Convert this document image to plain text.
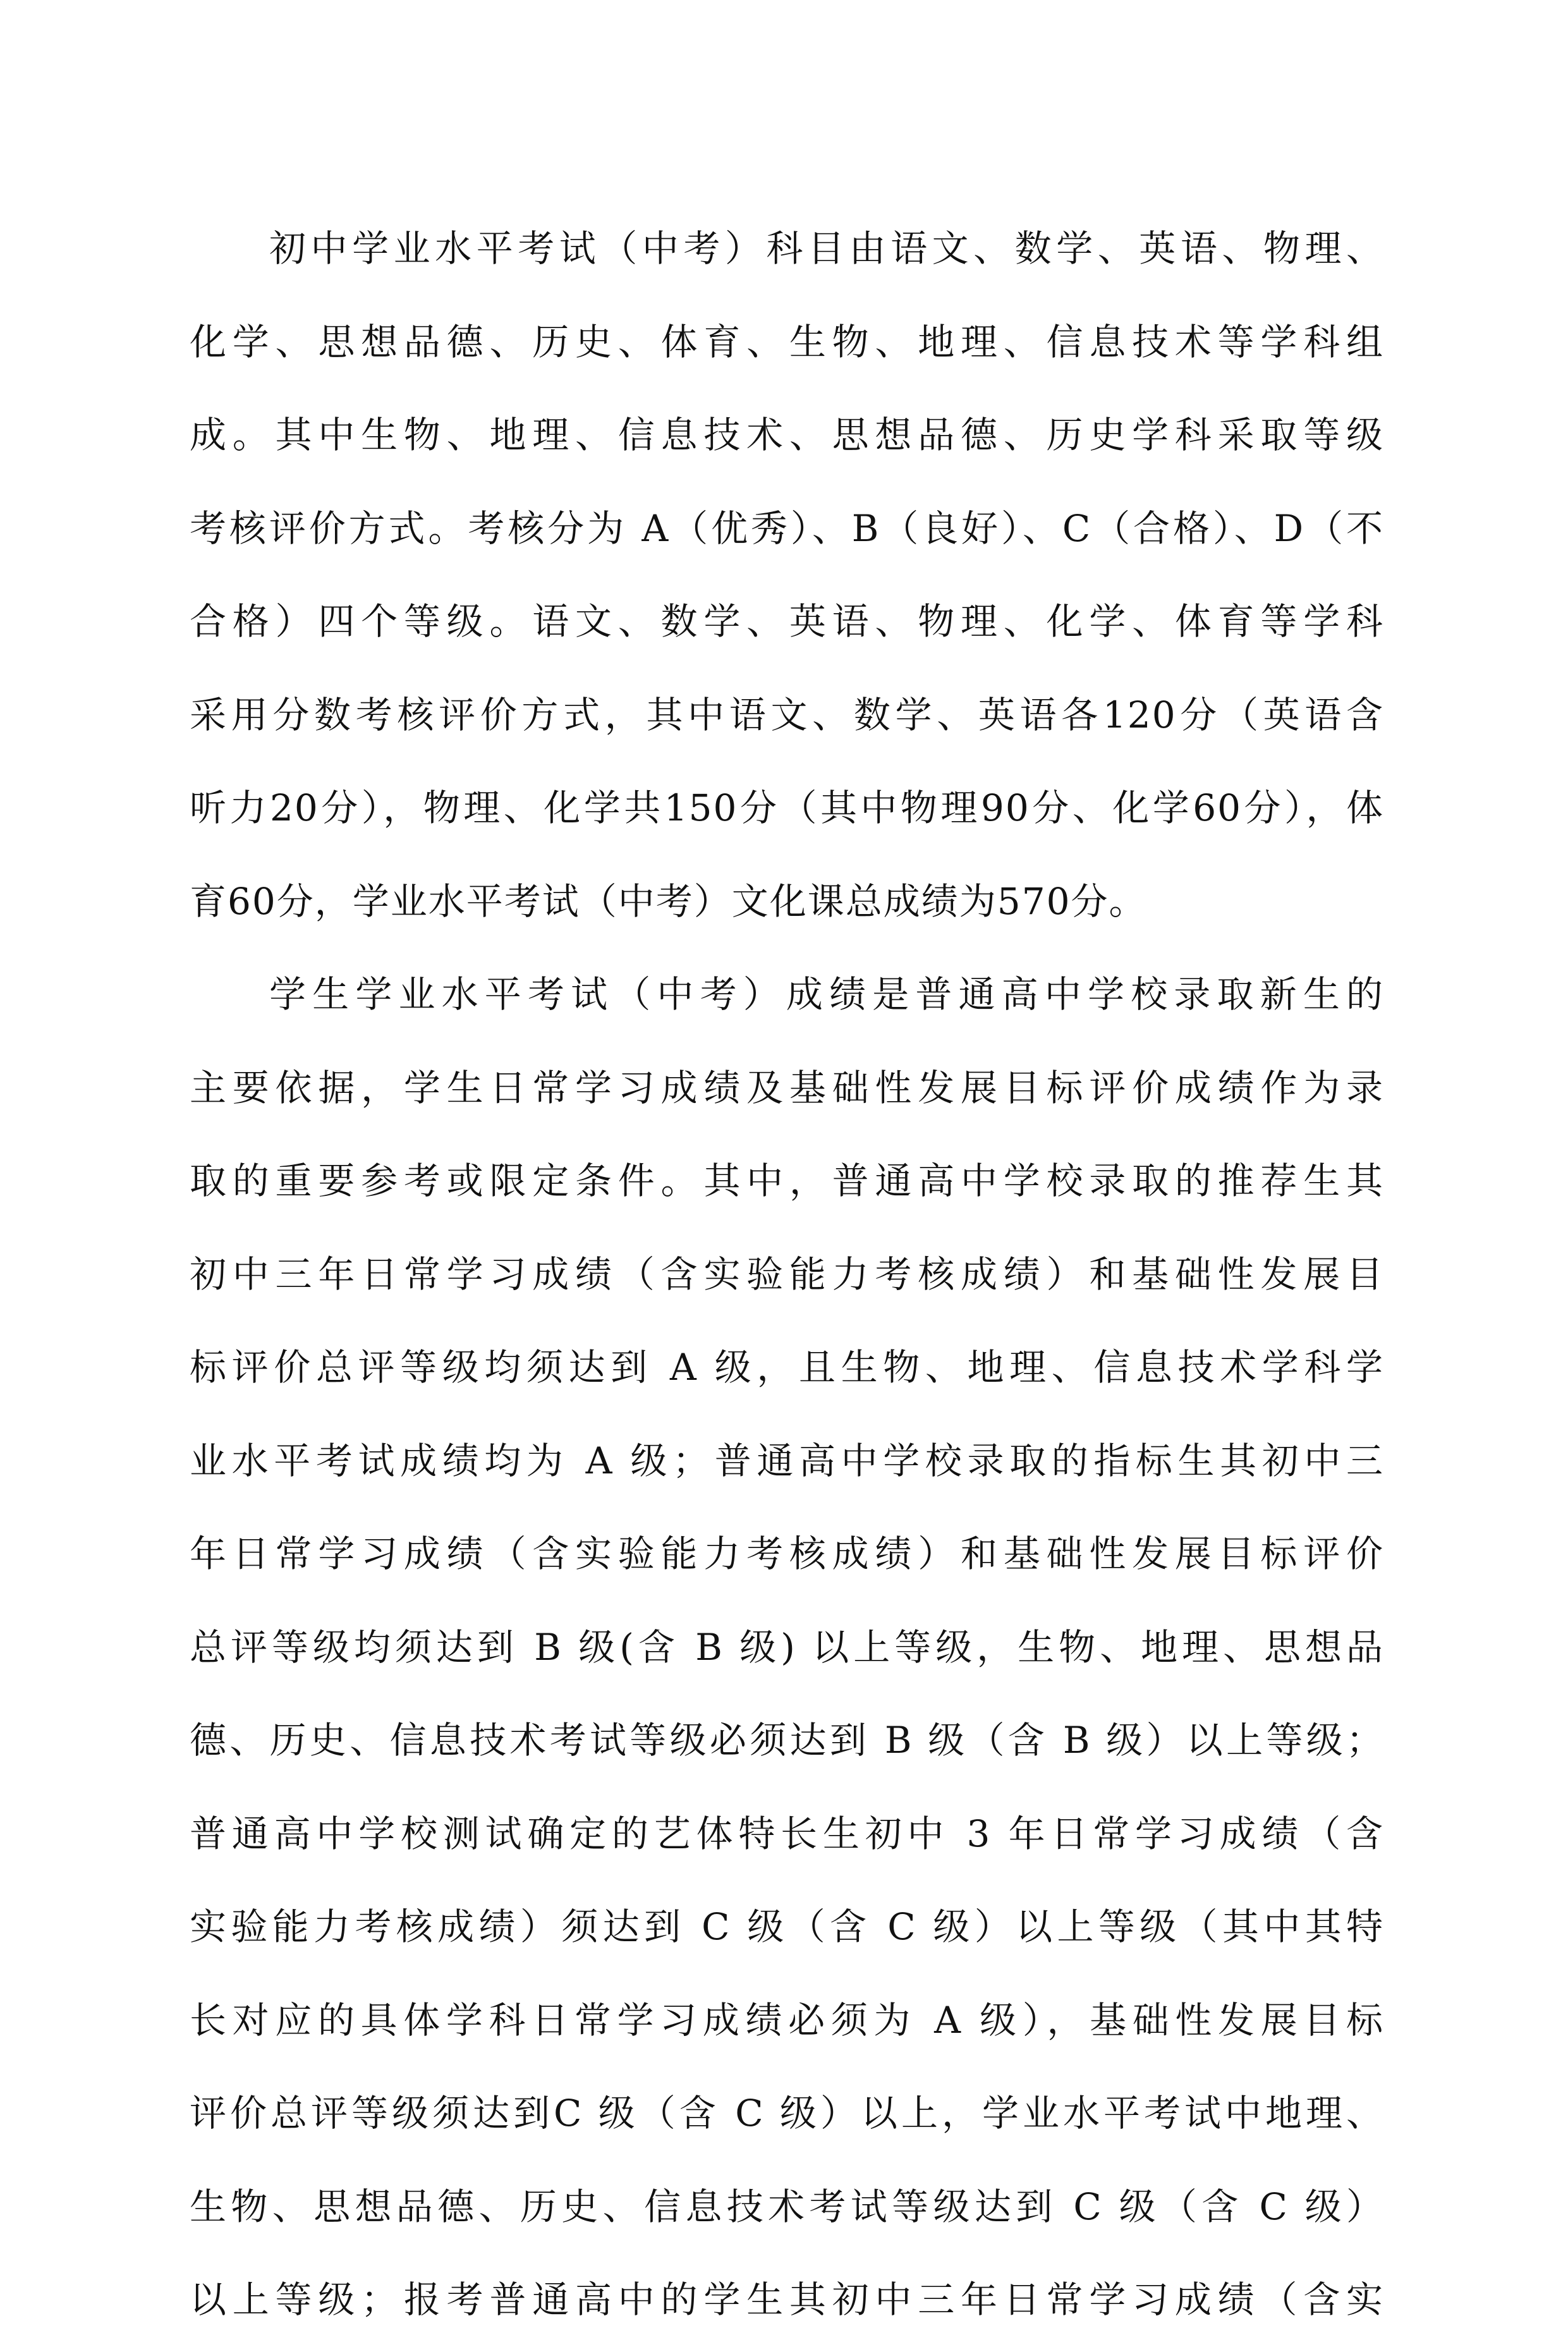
初中学业水平考试（中考）科目由语文、数学、英语、物理、
化学、思想品德、历史、体育、生物、地理、信息技术等学科组
成。其中生物、地理、信息技术、思想品德、历史学科采取等级
考核评价方式。考核分为 A（优秀）、B（良好）、C（合格）、D（不
合格）四个等级。语文、数学、英语、物理、化学、体育等学科
采用分数考核评价方式，其中语文、数学、英语各120分（英语含
听力20分），物理、化学共150分（其中物理90分、化学60分），体
育60分，学业水平考试（中考）文化课总成绩为570分。
学生学业水平考试（中考）成绩是普通高中学校录取新生的
主要依据，学生日常学习成绩及基础性发展目标评价成绩作为录
取的重要参考或限定条件。其中，普通高中学校录取的推荐生其
初中三年日常学习成绩（含实验能力考核成绩）和基础性发展目
标评价总评等级均须达到 A 级，且生物、地理、信息技术学科学
业水平考试成绩均为 A 级；普通高中学校录取的指标生其初中三
年日常学习成绩（含实验能力考核成绩）和基础性发展目标评价
总评等级均须达到 B 级(含 B 级) 以上等级，生物、地理、思想品
德、历史、信息技术考试等级必须达到 B 级（含 B 级）以上等级；
普通高中学校测试确定的艺体特长生初中 3 年日常学习成绩（含
实验能力考核成绩）须达到 C 级（含 C 级）以上等级（其中其特
长对应的具体学科日常学习成绩必须为 A 级），基础性发展目标
评价总评等级须达到C 级（含 C 级）以上，学业水平考试中地理、
生物、思想品德、历史、信息技术考试等级达到 C 级（含 C 级）
以上等级；报考普通高中的学生其初中三年日常学习成绩（含实
